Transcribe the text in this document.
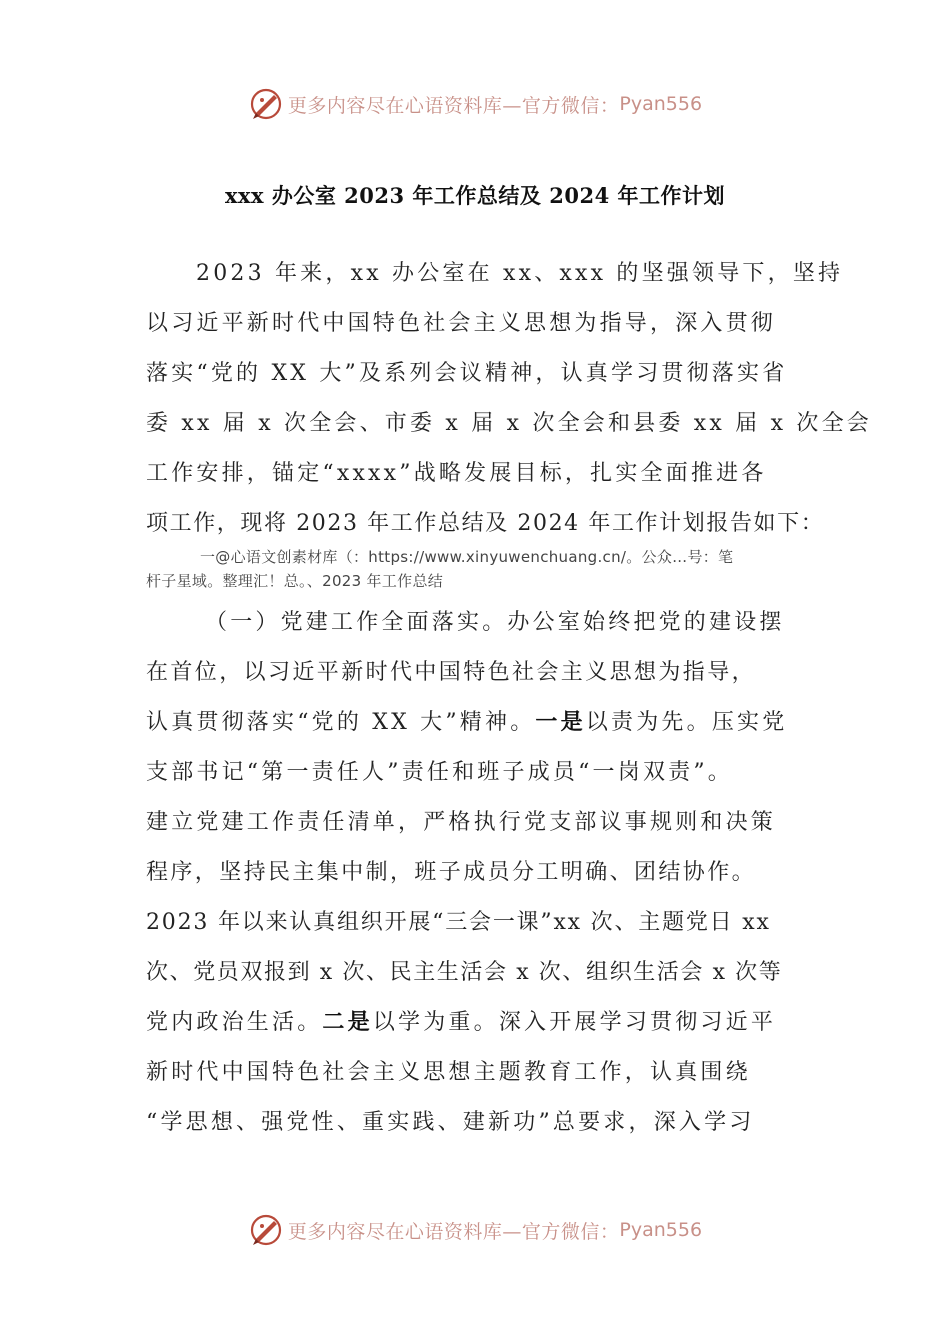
更多内容尽在心语资料库—官方微信： Pyan556
xxx 办公室 2023 年工作总结及 2024 年工作计划
2023 年来，xx 办公室在 xx、xxx 的坚强领导下，坚持
以习近平新时代中国特色社会主义思想为指导，深入贯彻
落实“党的 XX 大”及系列会议精神，认真学习贯彻落实省
委 xx 届 x 次全会、市委 x 届 x 次全会和县委 xx 届 x 次全会
工作安排，锚定“xxxx”战略发展目标，扎实全面推进各
项工作，现将 2023 年工作总结及 2024 年工作计划报告如下：
一@心语文创素材库（：https://www.xinyuwenchuang.cn/。公众…号：笔
杆子星域。整理汇！总。、2023 年工作总结
（一）党建工作全面落实。办公室始终把党的建设摆
在首位，以习近平新时代中国特色社会主义思想为指导，
认真贯彻落实“党的 XX 大”精神。一是以责为先。压实党
支部书记“第一责任人”责任和班子成员“一岗双责”。
建立党建工作责任清单，严格执行党支部议事规则和决策
程序，坚持民主集中制，班子成员分工明确、团结协作。
2023 年以来认真组织开展“三会一课”xx 次、主题党日 xx
次、党员双报到 x 次、民主生活会 x 次、组织生活会 x 次等
党内政治生活。二是以学为重。深入开展学习贯彻习近平
新时代中国特色社会主义思想主题教育工作，认真围绕
“学思想、强党性、重实践、建新功”总要求，深入学习
更多内容尽在心语资料库—官方微信： Pyan556
